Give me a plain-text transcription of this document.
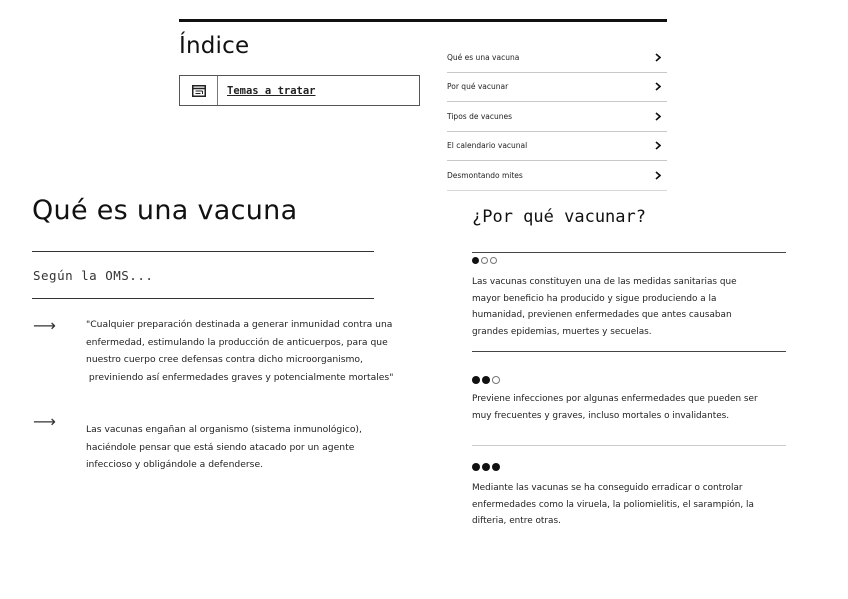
Índice
Temas a tratar
Qué es una vacuna
Por qué vacunar
Tipos de vacunes
El calendario vacunal
Desmontando mites
Qué es una vacuna
Según la OMS...
⟶	"Cualquier preparación destinada a generar inmunidad contra una
enfermedad, estimulando la producción de anticuerpos, para que
nuestro cuerpo cree defensas contra dicho microorganismo,
previniendo así enfermedades graves y potencialmente mortales"
⟶	Las vacunas engañan al organismo (sistema inmunológico),
haciéndole pensar que está siendo atacado por un agente
infeccioso y obligándole a defenderse.
¿Por qué vacunar?
Las vacunas constituyen una de las medidas sanitarias que
mayor beneficio ha producido y sigue produciendo a la
humanidad, previenen enfermedades que antes causaban
grandes epidemias, muertes y secuelas.
Previene infecciones por algunas enfermedades que pueden ser
muy frecuentes y graves, incluso mortales o invalidantes.
Mediante las vacunas se ha conseguido erradicar o controlar
enfermedades como la viruela, la poliomielitis, el sarampión, la
difteria, entre otras.
